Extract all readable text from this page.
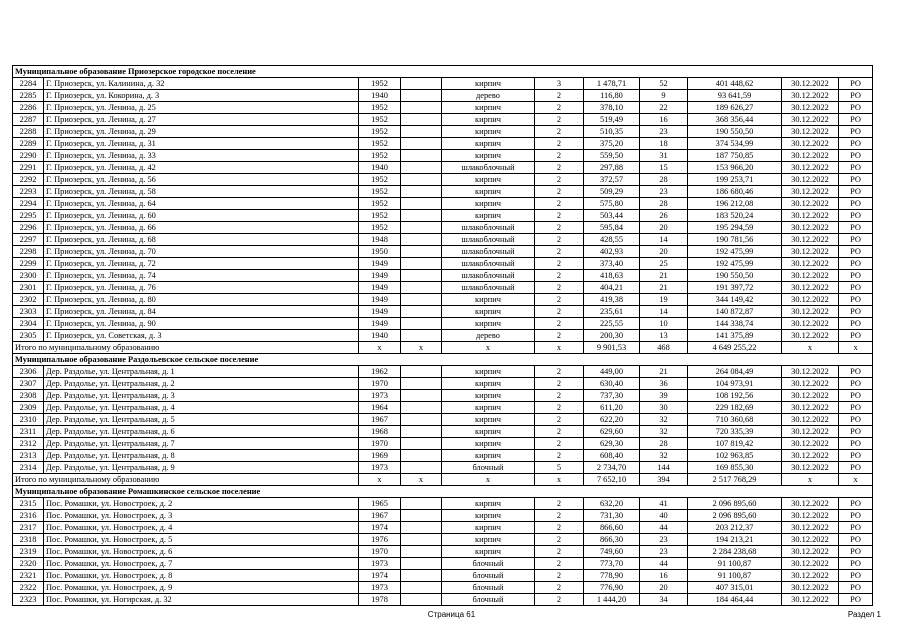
Муниципальное образование Приозерское городское поселение										
2284	Г. Приозерск, ул. Калинина, д. 32	1952		кирпич	3	1 478,71	52	401 448,62	30.12.2022	РО
2285	Г. Приозерск, ул. Кокорина, д. 3	1940		дерево	2	116,80	9	93 641,59	30.12.2022	РО
2286	Г. Приозерск, ул. Ленина, д. 25	1952		кирпич	2	378,10	22	189 626,27	30.12.2022	РО
2287	Г. Приозерск, ул. Ленина, д. 27	1952		кирпич	2	519,49	16	368 356,44	30.12.2022	РО
2288	Г. Приозерск, ул. Ленина, д. 29	1952		кирпич	2	510,35	23	190 550,50	30.12.2022	РО
2289	Г. Приозерск, ул. Ленина, д. 31	1952		кирпич	2	375,20	18	374 534,99	30.12.2022	РО
2290	Г. Приозерск, ул. Ленина, д. 33	1952		кирпич	2	559,50	31	187 750,85	30.12.2022	РО
2291	Г. Приозерск, ул. Ленина, д. 42	1940		шлакоблочный	2	297,88	15	153 966,20	30.12.2022	РО
2292	Г. Приозерск, ул. Ленина, д. 56	1952		кирпич	2	372,57	28	199 253,71	30.12.2022	РО
2293	Г. Приозерск, ул. Ленина, д. 58	1952		кирпич	2	509,29	23	186 680,46	30.12.2022	РО
2294	Г. Приозерск, ул. Ленина, д. 64	1952		кирпич	2	575,80	28	196 212,08	30.12.2022	РО
2295	Г. Приозерск, ул. Ленина, д. 60	1952		кирпич	2	503,44	26	183 520,24	30.12.2022	РО
2296	Г. Приозерск, ул. Ленина, д. 66	1952		шлакоблочный	2	595,84	20	195 294,59	30.12.2022	РО
2297	Г. Приозерск, ул. Ленина, д. 68	1948		шлакоблочный	2	428,55	14	190 781,56	30.12.2022	РО
2298	Г. Приозерск, ул. Ленина, д. 70	1950		шлакоблочный	2	402,93	20	192 475,99	30.12.2022	РО
2299	Г. Приозерск, ул. Ленина, д. 72	1949		шлакоблочный	2	373,40	25	192 475,99	30.12.2022	РО
2300	Г. Приозерск, ул. Ленина, д. 74	1949		шлакоблочный	2	418,63	21	190 550,50	30.12.2022	РО
2301	Г. Приозерск, ул. Ленина, д. 76	1949		шлакоблочный	2	404,21	21	191 397,72	30.12.2022	РО
2302	Г. Приозерск, ул. Ленина, д. 80	1949		кирпич	2	419,38	19	344 149,42	30.12.2022	РО
2303	Г. Приозерск, ул. Ленина, д. 84	1949		кирпич	2	235,61	14	140 872,87	30.12.2022	РО
2304	Г. Приозерск, ул. Ленина, д. 90	1949		кирпич	2	225,55	10	144 338,74	30.12.2022	РО
2305	Г. Приозерск, ул. Советская, д. 3	1940		дерево	2	200,30	13	141 375,89	30.12.2022	РО
Итого по муниципальному образованию		х	х	х	х	9 901,53	468	4 649 255,22	х	х
Муниципальное образование Раздольевское сельское поселение										
2306	Дер. Раздолье, ул. Центральная, д. 1	1962		кирпич	2	449,00	21	264 084,49	30.12.2022	РО
2307	Дер. Раздолье, ул. Центральная, д. 2	1970		кирпич	2	630,40	36	104 973,91	30.12.2022	РО
2308	Дер. Раздолье, ул. Центральная, д. 3	1973		кирпич	2	737,30	39	108 192,56	30.12.2022	РО
2309	Дер. Раздолье, ул. Центральная, д. 4	1964		кирпич	2	611,20	30	229 182,69	30.12.2022	РО
2310	Дер. Раздолье, ул. Центральная, д. 5	1967		кирпич	2	622,20	32	710 360,68	30.12.2022	РО
2311	Дер. Раздолье, ул. Центральная, д. 6	1968		кирпич	2	629,60	32	720 335,39	30.12.2022	РО
2312	Дер. Раздолье, ул. Центральная, д. 7	1970		кирпич	2	629,30	28	107 819,42	30.12.2022	РО
2313	Дер. Раздолье, ул. Центральная, д. 8	1969		кирпич	2	608,40	32	102 963,85	30.12.2022	РО
2314	Дер. Раздолье, ул. Центральная, д. 9	1973		блочный	5	2 734,70	144	169 855,30	30.12.2022	РО
Итого по муниципальному образованию		х	х	х	х	7 652,10	394	2 517 768,29	х	х
Муниципальное образование Ромашкинское сельское поселение										
2315	Пос. Ромашки, ул. Новостроек, д. 2	1965		кирпич	2	632,20	41	2 096 895,60	30.12.2022	РО
2316	Пос. Ромашки, ул. Новостроек, д. 3	1967		кирпич	2	731,30	40	2 096 895,60	30.12.2022	РО
2317	Пос. Ромашки, ул. Новостроек, д. 4	1974		кирпич	2	866,60	44	203 212,37	30.12.2022	РО
2318	Пос. Ромашки, ул. Новостроек, д. 5	1976		кирпич	2	866,30	23	194 213,21	30.12.2022	РО
2319	Пос. Ромашки, ул. Новостроек, д. 6	1970		кирпич	2	749,60	23	2 284 238,68	30.12.2022	РО
2320	Пос. Ромашки, ул. Новостроек, д. 7	1973		блочный	2	773,70	44	91 100,87	30.12.2022	РО
2321	Пос. Ромашки, ул. Новостроек, д. 8	1974		блочный	2	778,90	16	91 100,87	30.12.2022	РО
2322	Пос. Ромашки, ул. Новостроек, д. 9	1973		блочный	2	776,90	20	407 315,01	30.12.2022	РО
2323	Пос. Ромашки, ул. Ногирская, д. 32	1978		блочный	2	1 444,20	34	184 464,44	30.12.2022	РО
Страница 61	Раздел 1
